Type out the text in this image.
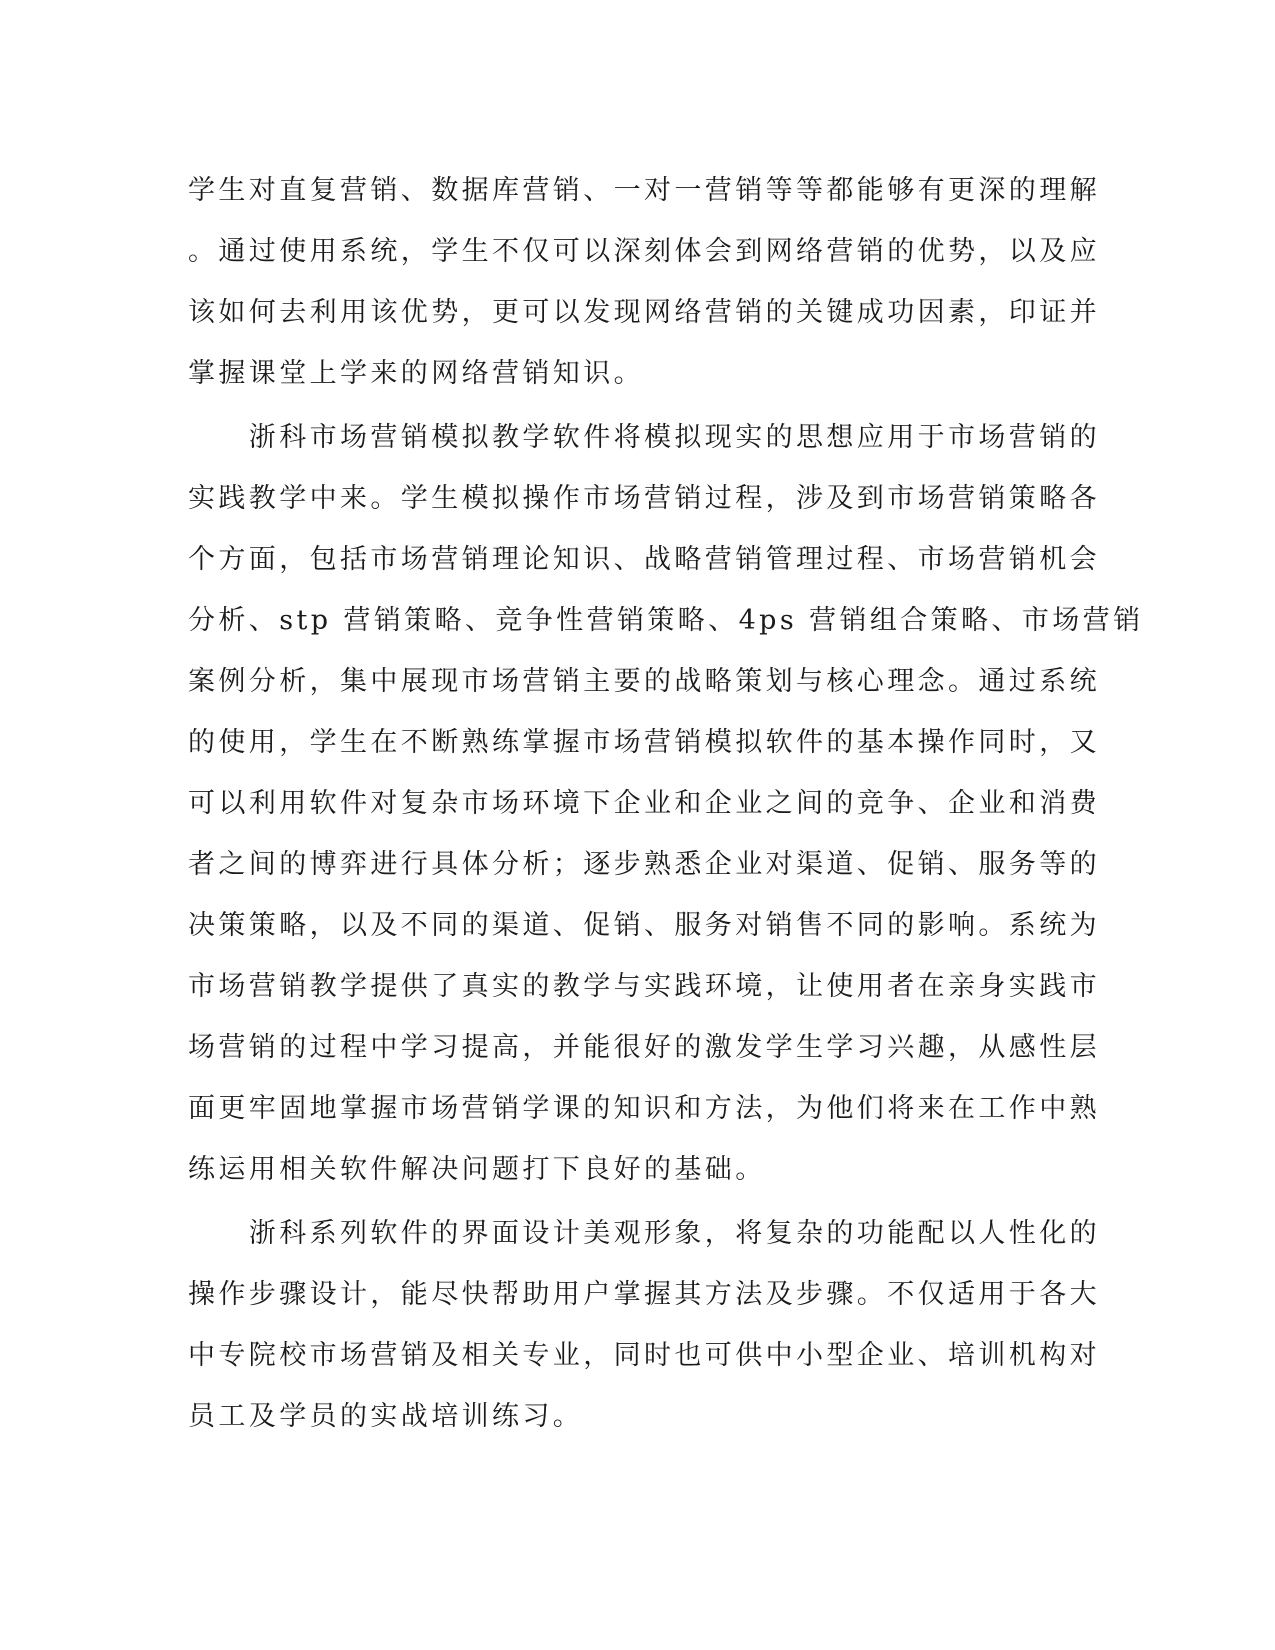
学生对直复营销、数据库营销、一对一营销等等都能够有更深的理解
。通过使用系统，学生不仅可以深刻体会到网络营销的优势，以及应
该如何去利用该优势，更可以发现网络营销的关键成功因素，印证并
掌握课堂上学来的网络营销知识。
　　浙科市场营销模拟教学软件将模拟现实的思想应用于市场营销的
实践教学中来。学生模拟操作市场营销过程，涉及到市场营销策略各
个方面，包括市场营销理论知识、战略营销管理过程、市场营销机会
分析、stp 营销策略、竞争性营销策略、4ps 营销组合策略、市场营销
案例分析，集中展现市场营销主要的战略策划与核心理念。通过系统
的使用，学生在不断熟练掌握市场营销模拟软件的基本操作同时，又
可以利用软件对复杂市场环境下企业和企业之间的竞争、企业和消费
者之间的博弈进行具体分析；逐步熟悉企业对渠道、促销、服务等的
决策策略，以及不同的渠道、促销、服务对销售不同的影响。系统为
市场营销教学提供了真实的教学与实践环境，让使用者在亲身实践市
场营销的过程中学习提高，并能很好的激发学生学习兴趣，从感性层
面更牢固地掌握市场营销学课的知识和方法，为他们将来在工作中熟
练运用相关软件解决问题打下良好的基础。
　　浙科系列软件的界面设计美观形象，将复杂的功能配以人性化的
操作步骤设计，能尽快帮助用户掌握其方法及步骤。不仅适用于各大
中专院校市场营销及相关专业，同时也可供中小型企业、培训机构对
员工及学员的实战培训练习。
